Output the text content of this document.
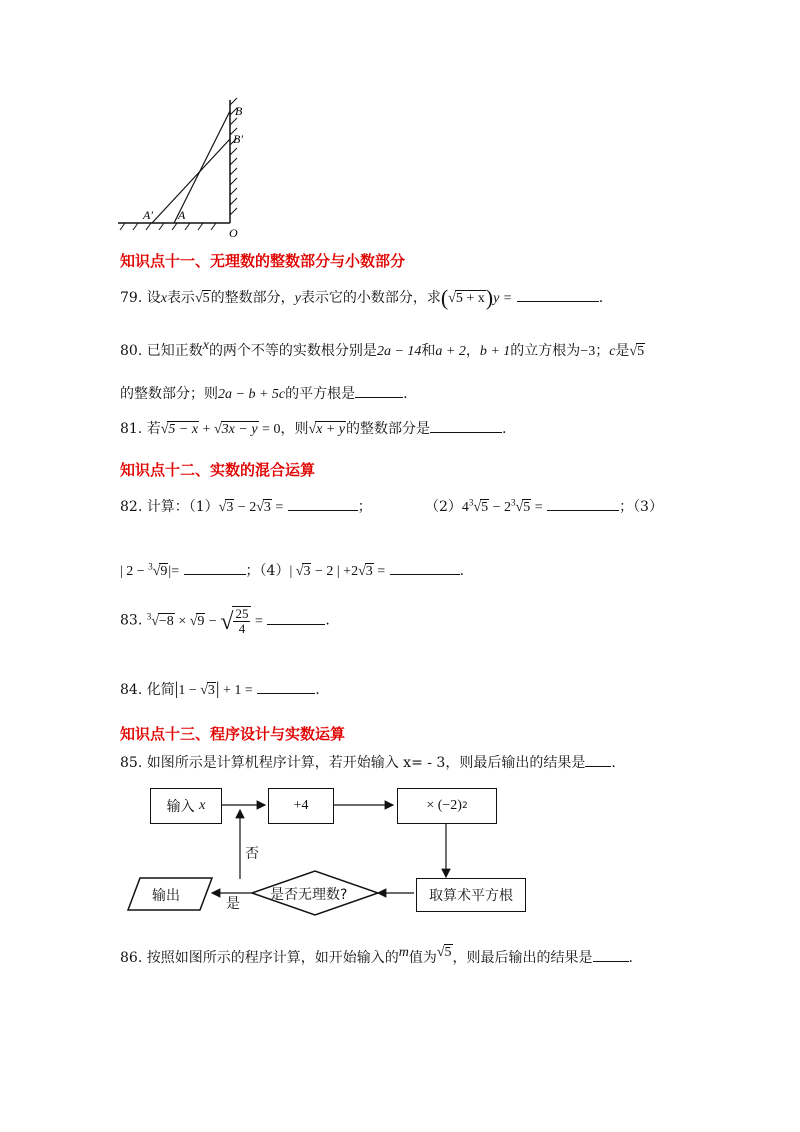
B
B′
A′ A
O
知识点十一、无理数的整数部分与小数部分
79. 设x表示√5的整数部分，y表示它的小数部分，求(√5 + x)y =	.
80. 已知正数x的两个不等的实数根分别是2a − 14和a + 2，b + 1的立方根为−3；c是√5
的整数部分；则2a − b + 5c的平方根是	.
81. 若√5 − x + √3x − y = 0，则√x + y的整数部分是	.
知识点十二、实数的混合运算
82. 计算：（1）√3 − 2√3 =	；	$(2)4^3√5 - 2^3√5$ =	；（3）
| 2 − $^3$√9|=	；（4）| √3 − 2 | +2√3 =	.
83. $^3$√−8 × √9 − √ $\frac{25}{4}$ =	.
84. 化简|1 − √3| + 1 =	.
知识点十三、程序设计与实数运算
85. 如图所示是计算机程序计算，若开始输入 x= - 3，则最后输出的结果是 .
输入
x	+4	× (−2) 2
取算术平方根
是否无理数?
输出
否
是
86. 按照如图所示的程序计算，如开始输入的m值为√5，则最后输出的结果是	.
